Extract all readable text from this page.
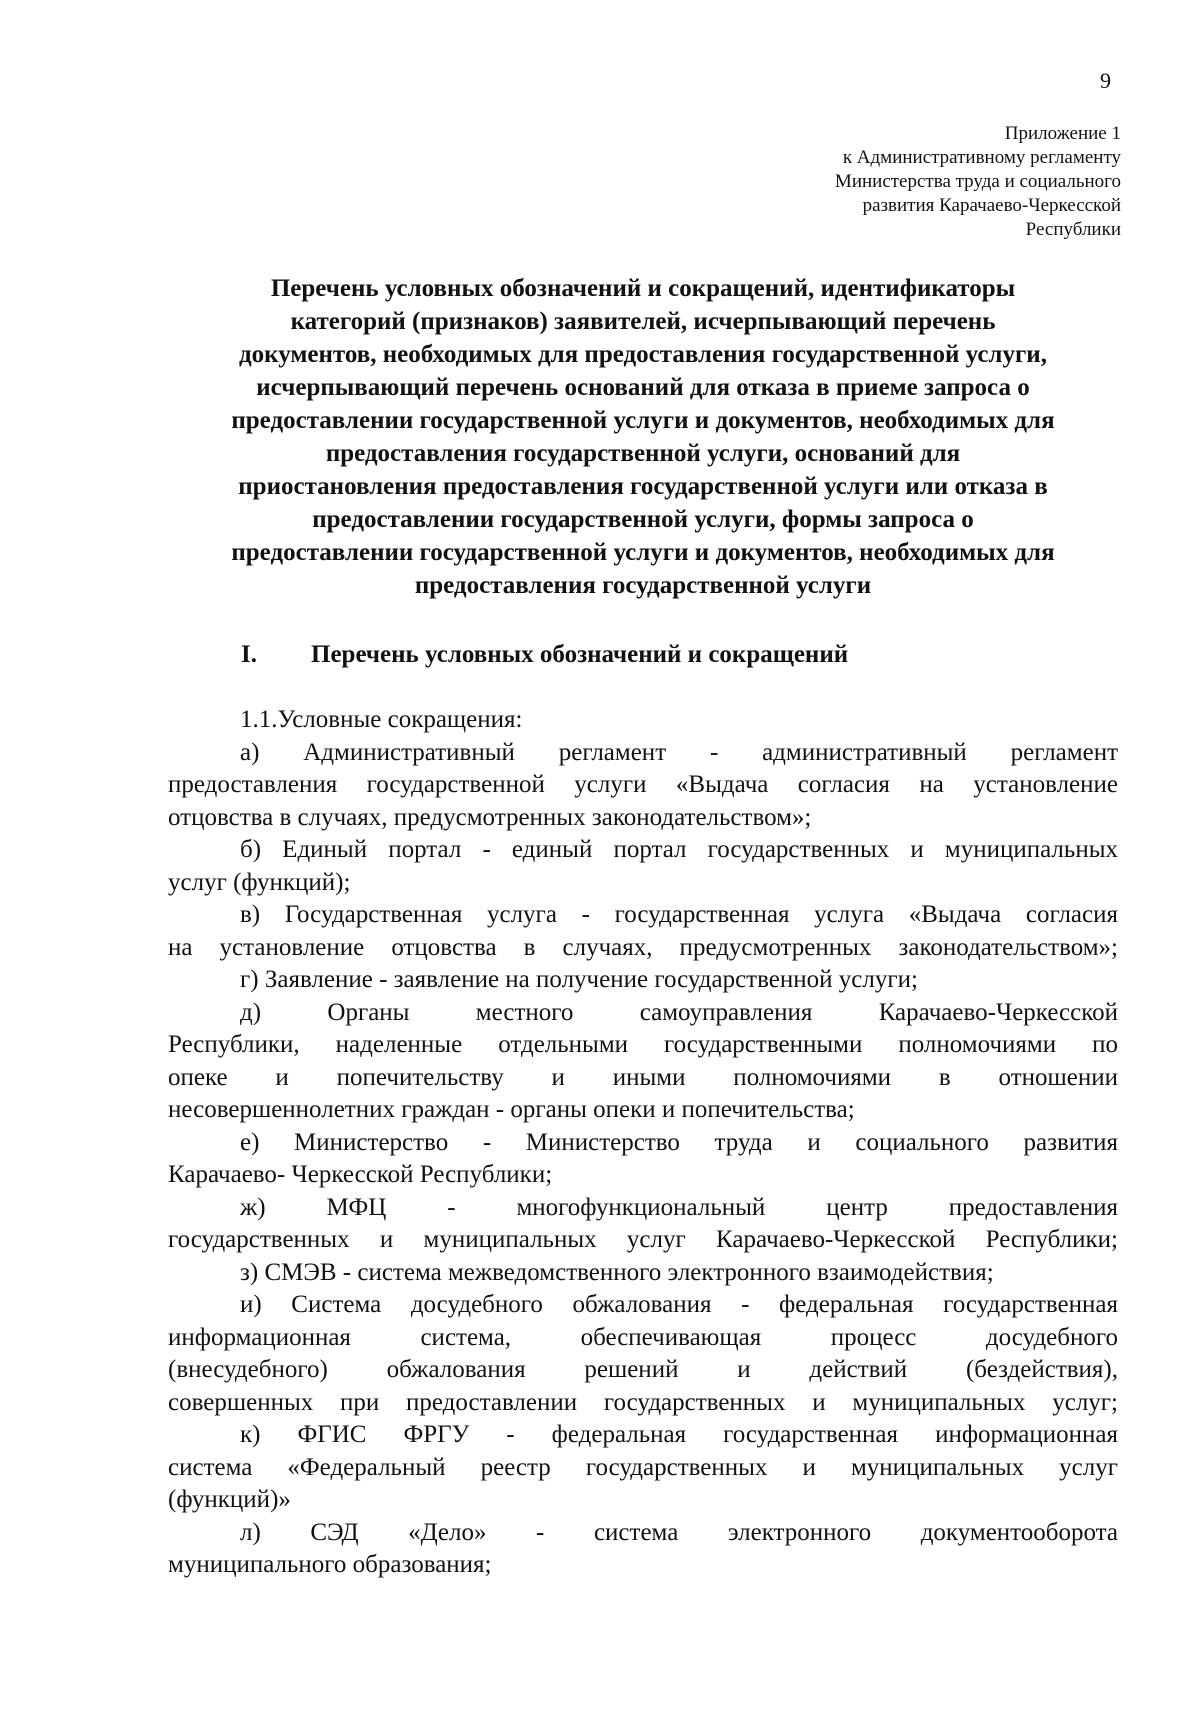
9
Приложение 1
к Административному регламенту
Министерства труда и социального
развития Карачаево-Черкесской
Республики
Перечень условных обозначений и сокращений, идентификаторы
категорий (признаков) заявителей, исчерпывающий перечень
документов, необходимых для предоставления государственной услуги,
исчерпывающий перечень оснований для отказа в приеме запроса о
предоставлении государственной услуги и документов, необходимых для
предоставления государственной услуги, оснований для
приостановления предоставления государственной услуги или отказа в
предоставлении государственной услуги, формы запроса о
предоставлении государственной услуги и документов, необходимых для
предоставления государственной услуги
I. Перечень условных обозначений и сокращений
1.1.Условные сокращения:
а) Административный регламент - административный регламент
предоставления государственной услуги «Выдача согласия на установление
отцовства в случаях, предусмотренных законодательством»;
б) Единый портал - единый портал государственных и муниципальных
услуг (функций);
в) Государственная услуга - государственная услуга «Выдача согласия
на установление отцовства в случаях, предусмотренных законодательством»;
г) Заявление - заявление на получение государственной услуги;
д) Органы местного самоуправления Карачаево-Черкесской
Республики, наделенные отдельными государственными полномочиями по
опеке и попечительству и иными полномочиями в отношении
несовершеннолетних граждан - органы опеки и попечительства;
е) Министерство - Министерство труда и социального развития
Карачаево- Черкесской Республики;
ж) МФЦ - многофункциональный центр предоставления
государственных и муниципальных услуг Карачаево-Черкесской Республики;
з) СМЭВ - система межведомственного электронного взаимодействия;
и) Система досудебного обжалования - федеральная государственная
информационная система, обеспечивающая процесс досудебного
(внесудебного) обжалования решений и действий (бездействия),
совершенных при предоставлении государственных и муниципальных услуг;
к) ФГИС ФРГУ - федеральная государственная информационная
система «Федеральный реестр государственных и муниципальных услуг
(функций)»
л) СЭД «Дело» - система электронного документооборота
муниципального образования;
